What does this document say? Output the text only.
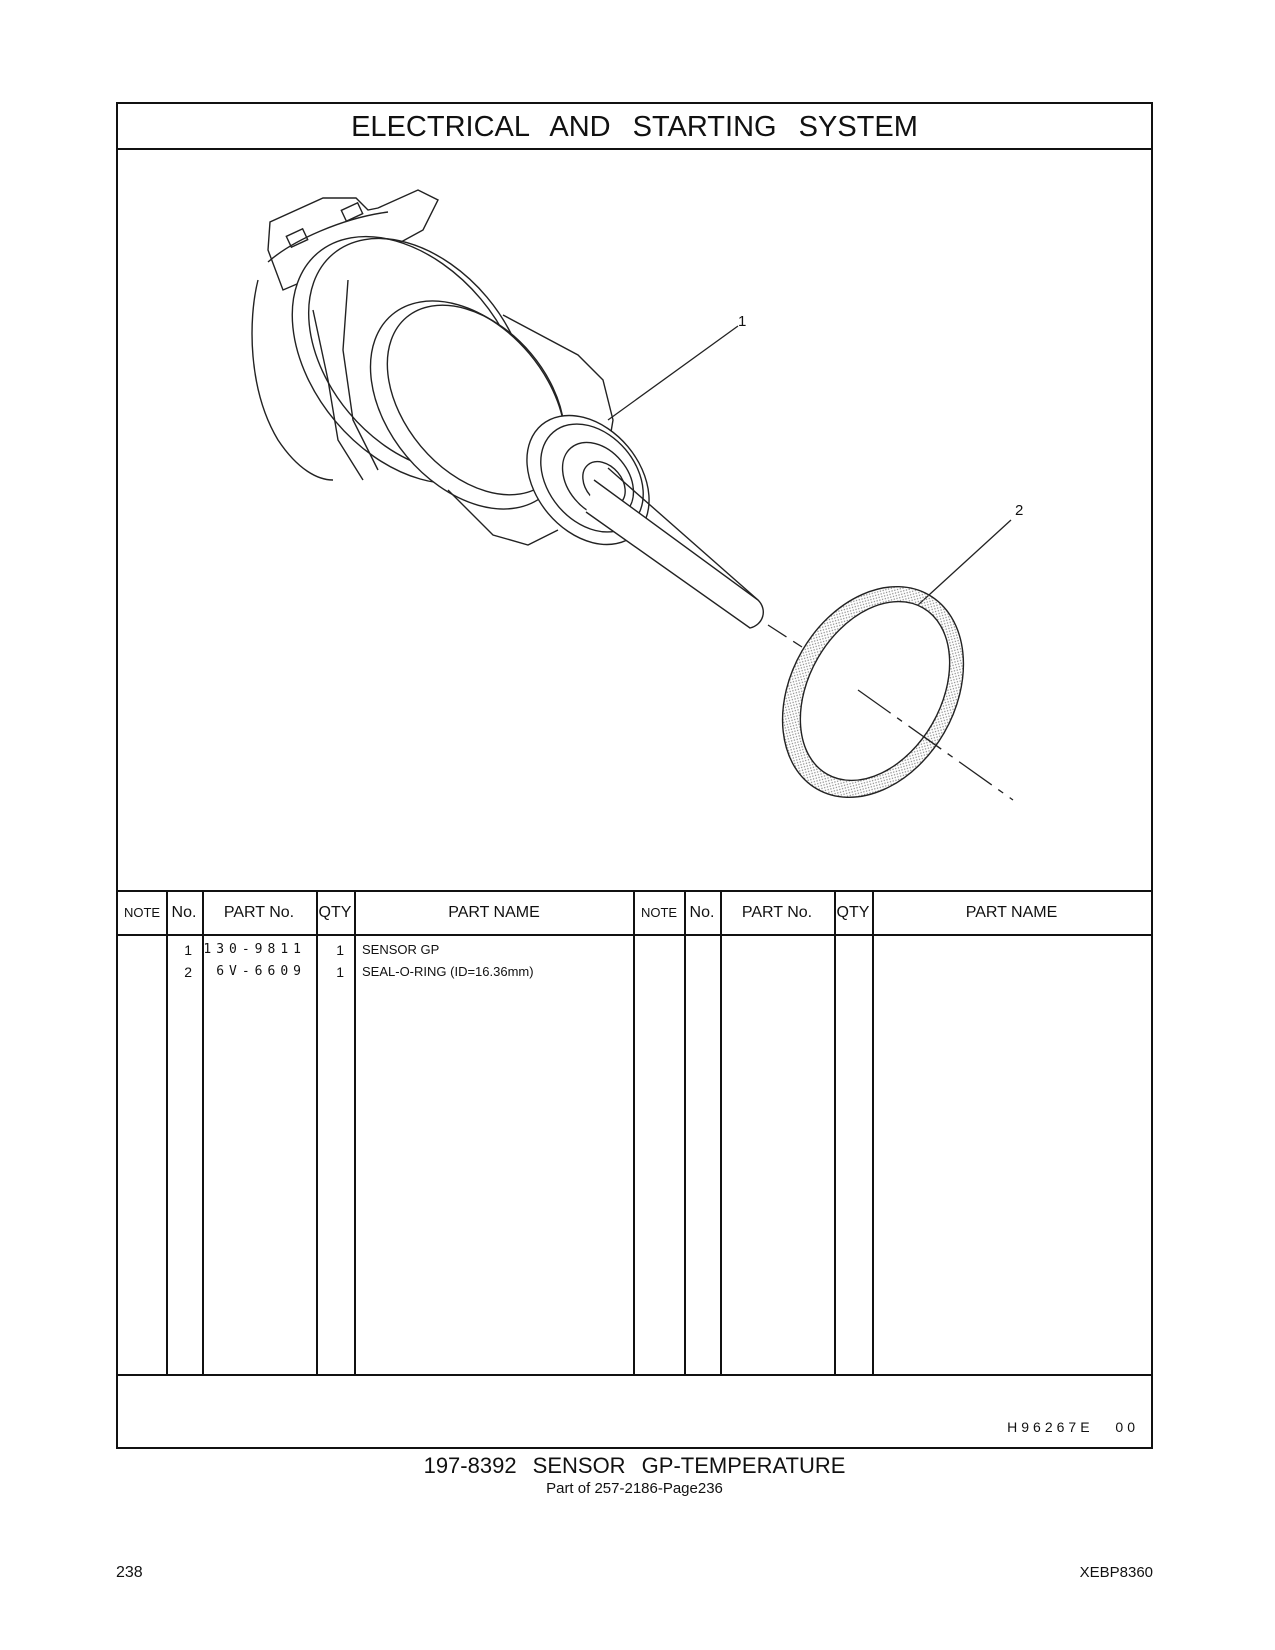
ELECTRICAL AND STARTING SYSTEM
1
2
NOTE No.	PART No.	QTY	PART NAME	NOTE No.	PART No.	QTY	PART NAME
1 130-9811	1 SENSOR GP
2	6V-6609	1 SEAL-O-RING (ID=16.36mm)
H96267E 00
197-8392 SENSOR GP-TEMPERATURE
Part of 257-2186-Page236
238	XEBP8360
